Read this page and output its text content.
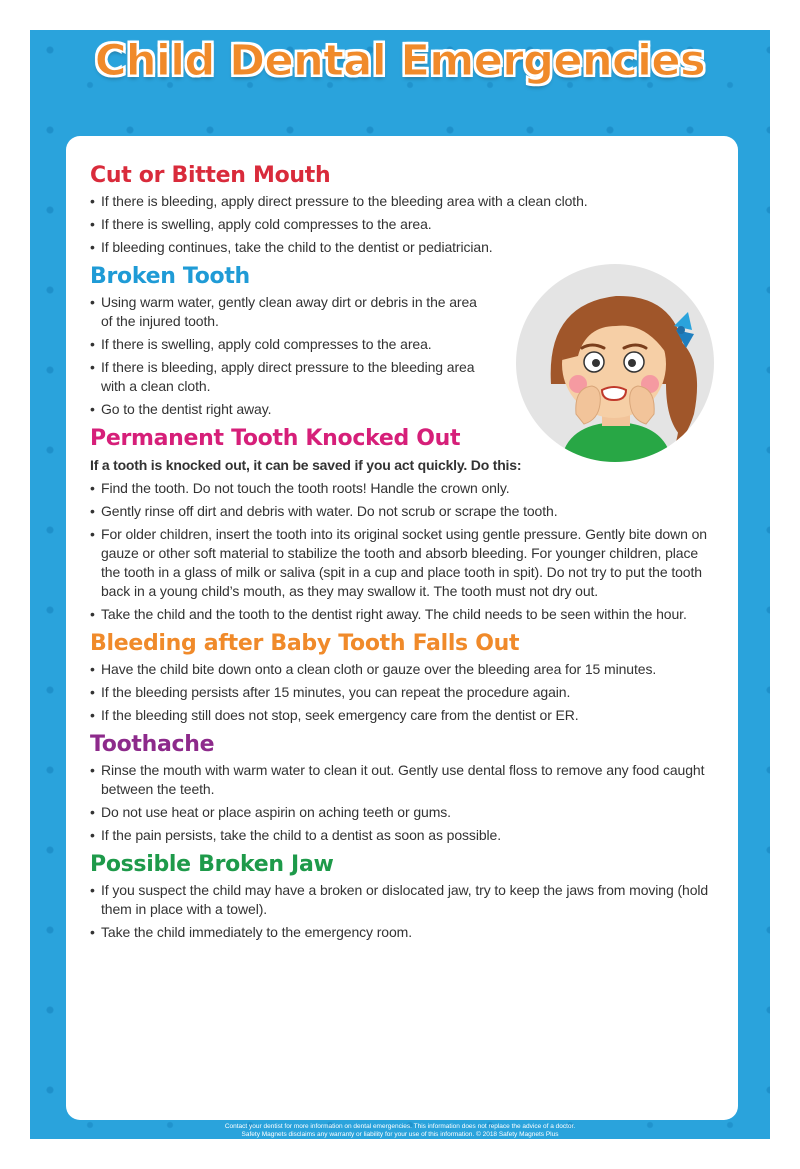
Child Dental Emergencies
Cut or Bitten Mouth
• If there is bleeding, apply direct pressure to the bleeding area with a clean cloth.
• If there is swelling, apply cold compresses to the area.
• If bleeding continues, take the child to the dentist or pediatrician.
Broken Tooth
• Using warm water, gently clean away dirt or debris in the area of the injured tooth.
• If there is swelling, apply cold compresses to the area.
• If there is bleeding, apply direct pressure to the bleeding area with a clean cloth.
• Go to the dentist right away.
Permanent Tooth Knocked Out
If a tooth is knocked out, it can be saved if you act quickly. Do this:
• Find the tooth. Do not touch the tooth roots! Handle the crown only.
• Gently rinse off dirt and debris with water. Do not scrub or scrape the tooth.
• For older children, insert the tooth into its original socket using gentle pressure. Gently bite down on gauze or other soft material to stabilize the tooth and absorb bleeding. For younger children, place the tooth in a glass of milk or saliva (spit in a cup and place tooth in spit). Do not try to put the tooth back in a young child’s mouth, as they may swallow it. The tooth must not dry out.
• Take the child and the tooth to the dentist right away. The child needs to be seen within the hour.
Bleeding after Baby Tooth Falls Out
• Have the child bite down onto a clean cloth or gauze over the bleeding area for 15 minutes.
• If the bleeding persists after 15 minutes, you can repeat the procedure again.
• If the bleeding still does not stop, seek emergency care from the dentist or ER.
Toothache
• Rinse the mouth with warm water to clean it out. Gently use dental floss to remove any food caught between the teeth.
• Do not use heat or place aspirin on aching teeth or gums.
• If the pain persists, take the child to a dentist as soon as possible.
Possible Broken Jaw
• If you suspect the child may have a broken or dislocated jaw, try to keep the jaws from moving (hold them in place with a towel).
• Take the child immediately to the emergency room.
Contact your dentist for more information on dental emergencies. This information does not replace the advice of a doctor.
Safety Magnets disclaims any warranty or liability for your use of this information. © 2018 Safety Magnets Plus
